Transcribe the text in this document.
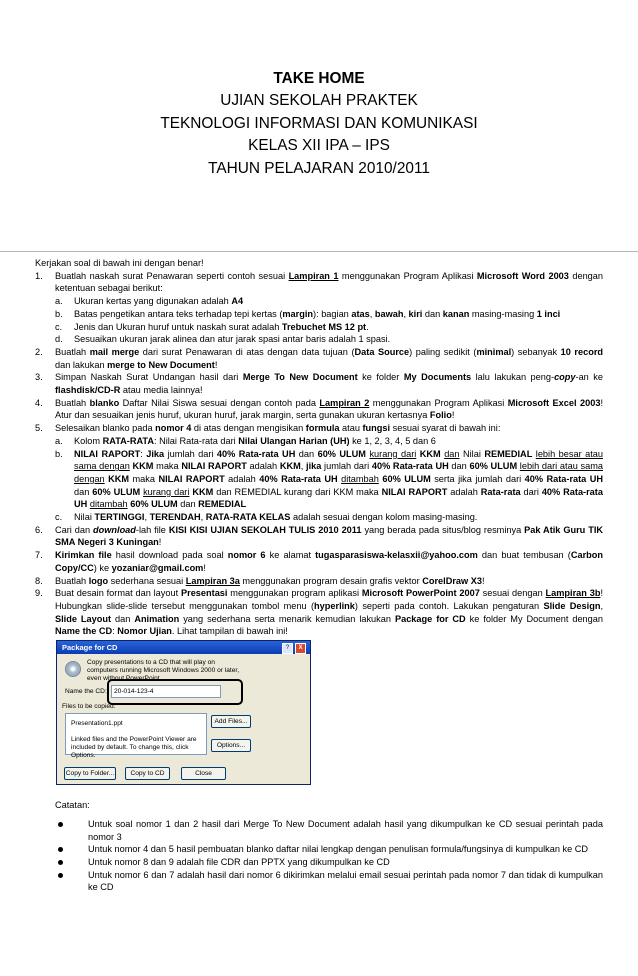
TAKE HOME
UJIAN SEKOLAH PRAKTEK
TEKNOLOGI INFORMASI DAN KOMUNIKASI
KELAS XII IPA – IPS
TAHUN PELAJARAN 2010/2011
Kerjakan soal di bawah ini dengan benar!
1. Buatlah naskah surat Penawaran seperti contoh sesuai Lampiran 1 menggunakan Program Aplikasi Microsoft Word 2003 dengan ketentuan sebagai berikut:
a. Ukuran kertas yang digunakan adalah A4
b. Batas pengetikan antara teks terhadap tepi kertas (margin): bagian atas, bawah, kiri dan kanan masing-masing 1 inci
c. Jenis dan Ukuran huruf untuk naskah surat adalah Trebuchet MS 12 pt.
d. Sesuaikan ukuran jarak alinea dan atur jarak spasi antar baris adalah 1 spasi.
2. Buatlah mail merge dari surat Penawaran di atas dengan data tujuan (Data Source) paling sedikit (minimal) sebanyak 10 record dan lakukan merge to New Document!
3. Simpan Naskah Surat Undangan hasil dari Merge To New Document ke folder My Documents lalu lakukan peng-copy-an ke flashdisk/CD-R atau media lainnya!
4. Buatlah blanko Daftar Nilai Siswa sesuai dengan contoh pada Lampiran 2 menggunakan Program Aplikasi Microsoft Excel 2003! Atur dan sesuaikan jenis huruf, ukuran huruf, jarak margin, serta gunakan ukuran kertasnya Folio!
5. Selesaikan blanko pada nomor 4 di atas dengan mengisikan formula atau fungsi sesuai syarat di bawah ini:
a. Kolom RATA-RATA: Nilai Rata-rata dari Nilai Ulangan Harian (UH) ke 1, 2, 3, 4, 5 dan 6
b. NILAI RAPORT: Jika jumlah dari 40% Rata-rata UH dan 60% ULUM kurang dari KKM dan Nilai REMEDIAL lebih besar atau sama dengan KKM maka NILAI RAPORT adalah KKM, jika jumlah dari 40% Rata-rata UH dan 60% ULUM lebih dari atau sama dengan KKM maka NILAI RAPORT adalah 40% Rata-rata UH ditambah 60% ULUM serta jika jumlah dari 40% Rata-rata UH dan 60% ULUM kurang dari KKM dan REMEDIAL kurang dari KKM maka NILAI RAPORT adalah Rata-rata dari 40% Rata-rata UH ditambah 60% ULUM dan REMEDIAL
c. Nilai TERTINGGI, TERENDAH, RATA-RATA KELAS adalah sesuai dengan kolom masing-masing.
6. Cari dan download-lah file KISI KISI UJIAN SEKOLAH TULIS 2010 2011 yang berada pada situs/blog resminya Pak Atik Guru TIK SMA Negeri 3 Kuningan!
7. Kirimkan file hasil download pada soal nomor 6 ke alamat tugasparasiswa-kelasxii@yahoo.com dan buat tembusan (Carbon Copy/CC) ke yozaniar@gmail.com!
8. Buatlah logo sederhana sesuai Lampiran 3a menggunakan program desain grafis vektor CorelDraw X3!
9. Buat desain format dan layout Presentasi menggunakan program aplikasi Microsoft PowerPoint 2007 sesuai dengan Lampiran 3b! Hubungkan slide-slide tersebut menggunakan tombol menu (hyperlink) seperti pada contoh. Lakukan pengaturan Slide Design, Slide Layout dan Animation yang sederhana serta menarik kemudian lakukan Package for CD ke folder My Document dengan Name the CD: Nomor Ujian. Lihat tampilan di bawah ini!
Package for CD	?	X
Copy presentations to a CD that will play on computers running Microsoft Windows 2000 or later, even without PowerPoint.
Name the CD:	20-014-123-4
Files to be copied:
Presentation1.ppt
Linked files and the PowerPoint Viewer are included by default. To change this, click Options.
Add Files...
Options...
Copy to Folder...	Copy to CD	Close
Catatan:
Untuk soal nomor 1 dan 2 hasil dari Merge To New Document adalah hasil yang dikumpulkan ke CD sesuai perintah pada nomor 3
Untuk nomor 4 dan 5 hasil pembuatan blanko daftar nilai lengkap dengan penulisan formula/fungsinya di kumpulkan ke CD
Untuk nomor 8 dan 9 adalah file CDR dan PPTX yang dikumpulkan ke CD
Untuk nomor 6 dan 7 adalah hasil dari nomor 6 dikirimkan melalui email sesuai perintah pada nomor 7 dan tidak di kumpulkan ke CD
